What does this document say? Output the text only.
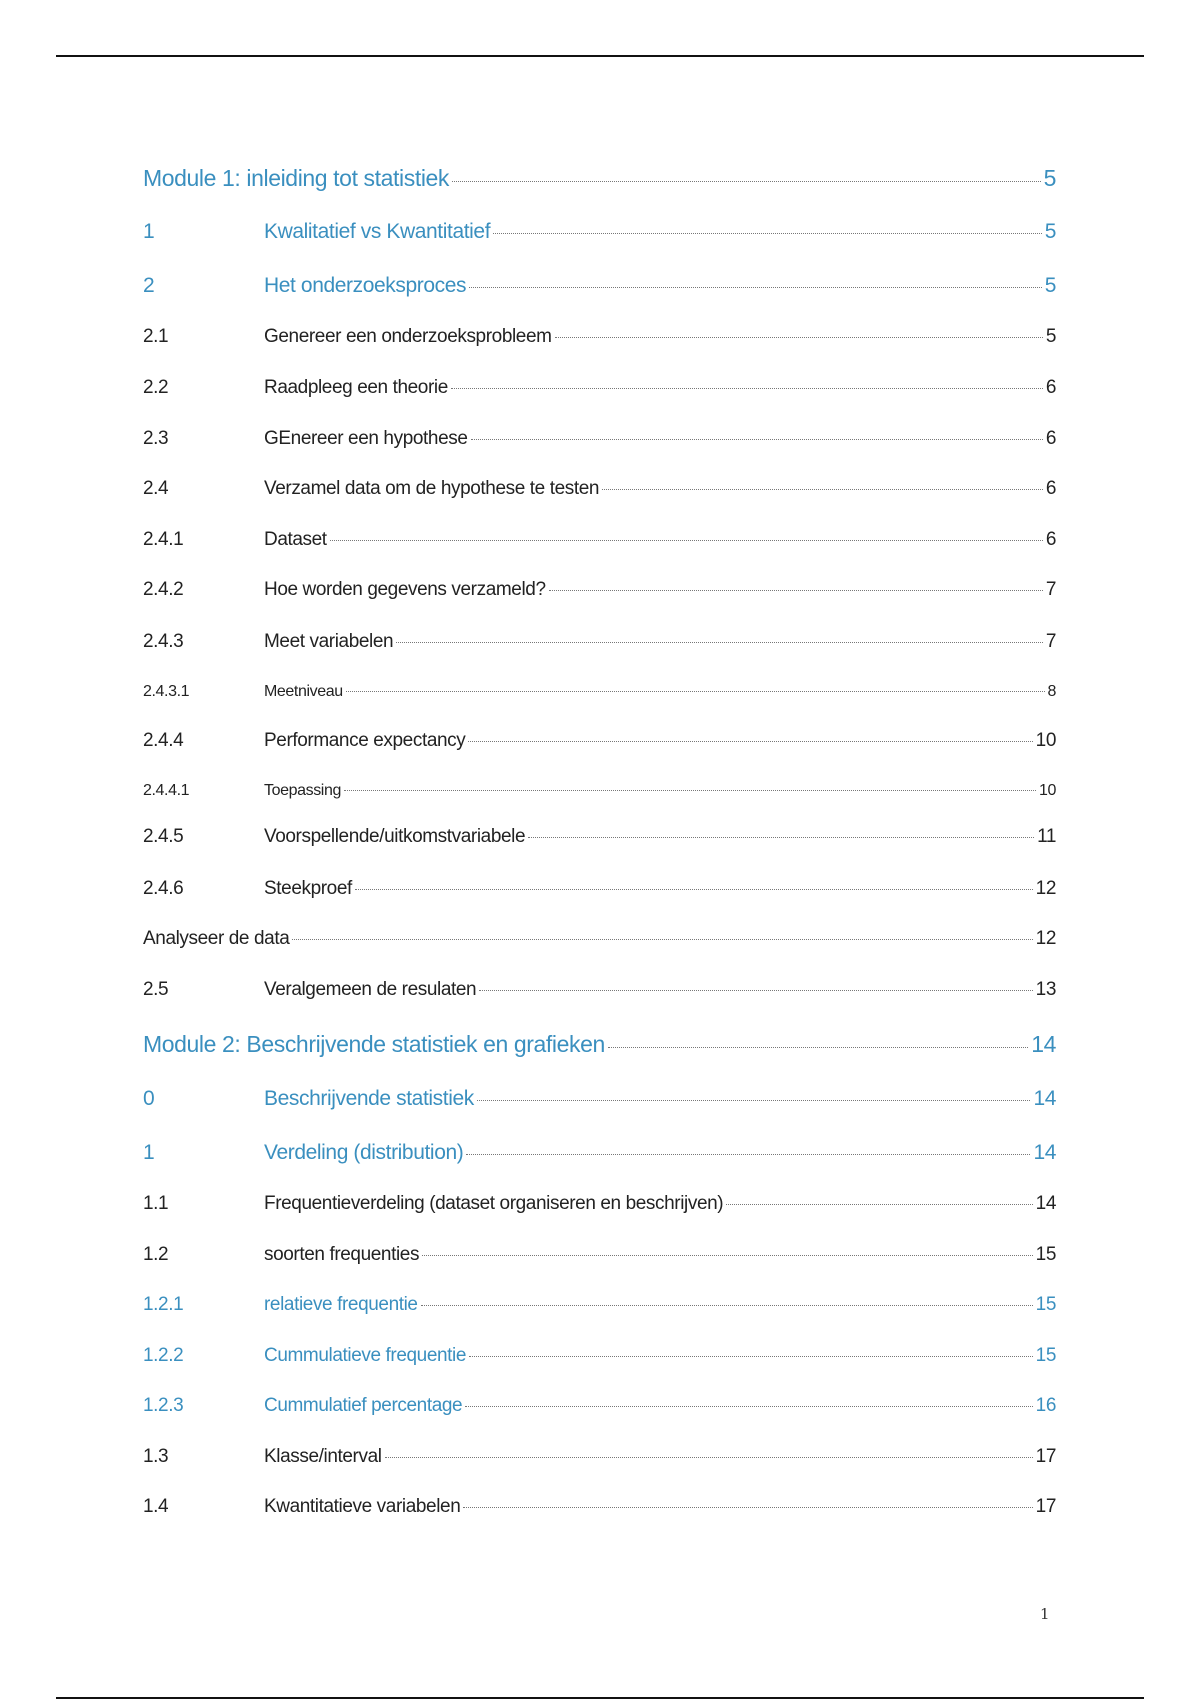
Module 1: inleiding tot statistiek	5
1	Kwalitatief vs Kwantitatief	5
2	Het onderzoeksproces	5
2.1	Genereer een onderzoeksprobleem	5
2.2	Raadpleeg een theorie	6
2.3	GEnereer een hypothese	6
2.4	Verzamel data om de hypothese te testen	6
2.4.1	Dataset	6
2.4.2	Hoe worden gegevens verzameld?	7
2.4.3	Meet variabelen	7
2.4.3.1	Meetniveau	8
2.4.4	Performance expectancy	10
2.4.4.1	Toepassing	10
2.4.5	Voorspellende/uitkomstvariabele	11
2.4.6	Steekproef	12
Analyseer de data	12
2.5	Veralgemeen de resulaten	13
Module 2: Beschrijvende statistiek en grafieken	14
0	Beschrijvende statistiek	14
1	Verdeling (distribution)	14
1.1	Frequentieverdeling (dataset organiseren en beschrijven)	14
1.2	soorten frequenties	15
1.2.1	relatieve frequentie	15
1.2.2	Cummulatieve frequentie	15
1.2.3	Cummulatief percentage	16
1.3	Klasse/interval	17
1.4	Kwantitatieve variabelen	17
1
